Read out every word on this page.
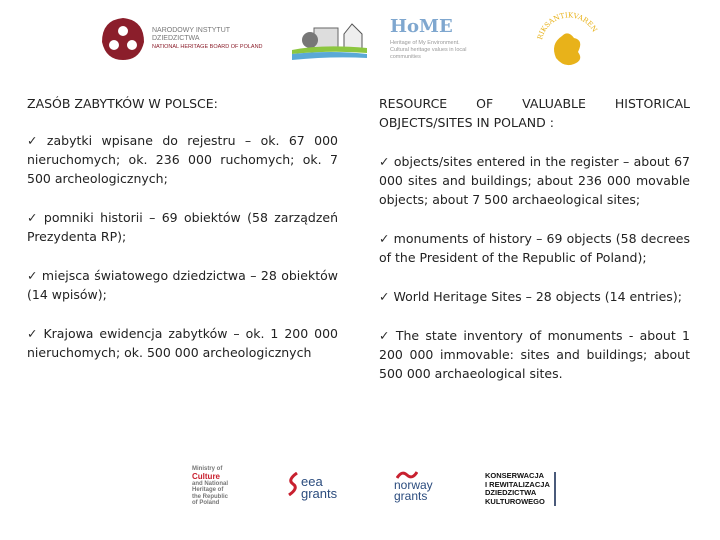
NARODOWY INSTYTUT
DZIEDZICTWA
NATIONAL HERITAGE BOARD OF POLAND
HoME
Heritage of My Environment.
Cultural heritage values in local
communities
RIKSANTIKVAREN

ZASÓB ZABYTKÓW W POLSCE:

✓ zabytki wpisane do rejestru – ok. 67 000 nieruchomych; ok. 236 000 ruchomych; ok. 7 500 archeologicznych;

✓ pomniki historii – 69 obiektów (58 zarządzeń Prezydenta RP);

✓ miejsca światowego dziedzictwa – 28 obiektów (14 wpisów);

✓ Krajowa ewidencja zabytków – ok. 1 200 000 nieruchomych; ok. 500 000 archeologicznych

RESOURCE OF VALUABLE HISTORICAL OBJECTS/SITES IN POLAND :

✓ objects/sites entered in the register – about 67 000 sites and buildings; about 236 000 movable objects; about 7 500 archaeological sites;

✓ monuments of history – 69 objects (58 decrees of the President of the Republic of Poland);

✓ World Heritage Sites – 28 objects (14 entries);

✓ The state inventory of monuments - about 1 200 000 immovable: sites and buildings; about 500 000 archaeological sites.

Ministry of
Culture
and National
Heritage of
the Republic
of Poland
eea
grants
norway
grants
KONSERWACJA
I REWITALIZACJA
DZIEDZICTWA
KULTUROWEGO
